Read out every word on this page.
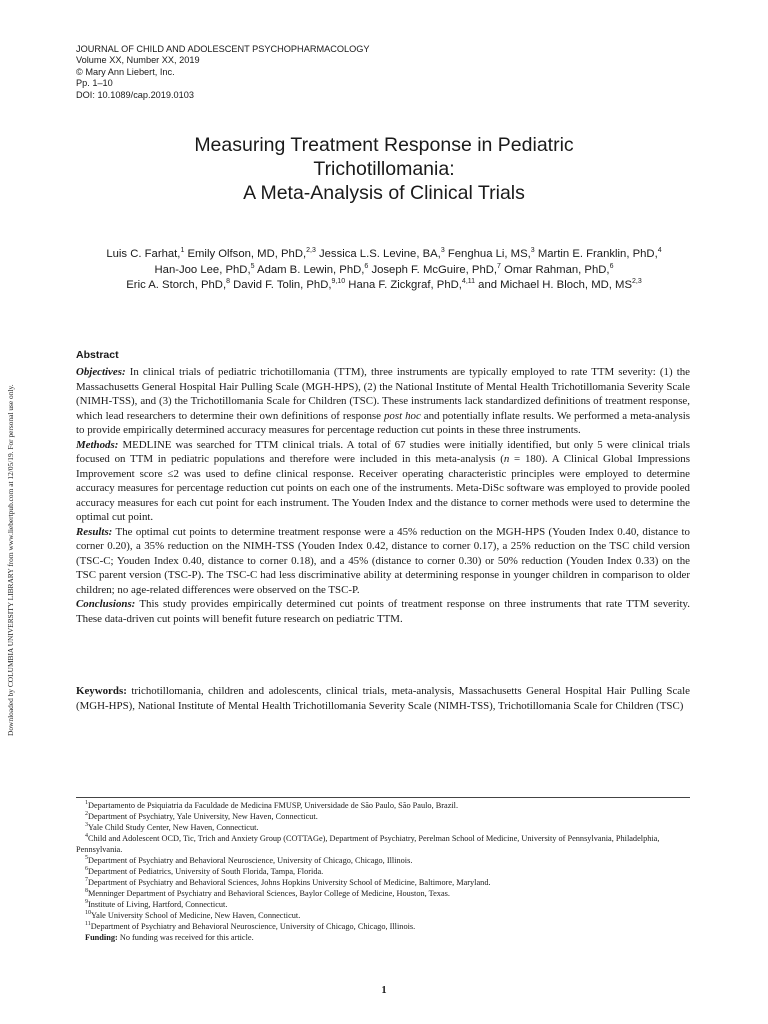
JOURNAL OF CHILD AND ADOLESCENT PSYCHOPHARMACOLOGY
Volume XX, Number XX, 2019
© Mary Ann Liebert, Inc.
Pp. 1–10
DOI: 10.1089/cap.2019.0103
Measuring Treatment Response in Pediatric
Trichotillomania:
A Meta-Analysis of Clinical Trials
Luis C. Farhat,$^1$ Emily Olfson, MD, PhD,$^{2,3}$ Jessica L.S. Levine, BA,$^3$ Fenghua Li, MS,$^3$ Martin E. Franklin, PhD,$^4$
Han-Joo Lee, PhD,$^5$ Adam B. Lewin, PhD,$^6$ Joseph F. McGuire, PhD,$^7$ Omar Rahman, PhD,$^6$
Eric A. Storch, PhD,$^8$ David F. Tolin, PhD,$^{9,10}$ Hana F. Zickgraf, PhD,$^{4,11}$ and Michael H. Bloch, MD, MS$^{2,3}$
Downloaded by COLUMBIA UNIVERSITY LIBRARY from www.liebertpub.com at 12/05/19. For personal use only.
Abstract

Objectives: In clinical trials of pediatric trichotillomania (TTM), three instruments are typically employed to rate TTM severity: (1) the Massachusetts General Hospital Hair Pulling Scale (MGH-HPS), (2) the National Institute of Mental Health Trichotillomania Severity Scale (NIMH-TSS), and (3) the Trichotillomania Scale for Children (TSC). These instruments lack standardized definitions of treatment response, which lead researchers to determine their own definitions of response post hoc and potentially inflate results. We performed a meta-analysis to provide empirically determined accuracy measures for percentage reduction cut points in these three instruments.

Methods: MEDLINE was searched for TTM clinical trials. A total of 67 studies were initially identified, but only 5 were clinical trials focused on TTM in pediatric populations and therefore were included in this meta-analysis (n = 180). A Clinical Global Impressions Improvement score ≤2 was used to define clinical response. Receiver operating characteristic principles were employed to determine accuracy measures for percentage reduction cut points on each one of the instruments. Meta-DiSc software was employed to provide pooled accuracy measures for each cut point for each instrument. The Youden Index and the distance to corner methods were used to determine the optimal cut point.

Results: The optimal cut points to determine treatment response were a 45% reduction on the MGH-HPS (Youden Index 0.40, distance to corner 0.20), a 35% reduction on the NIMH-TSS (Youden Index 0.42, distance to corner 0.17), a 25% reduction on the TSC child version (TSC-C; Youden Index 0.40, distance to corner 0.18), and a 45% (distance to corner 0.30) or 50% reduction (Youden Index 0.33) on the TSC parent version (TSC-P). The TSC-C had less discriminative ability at determining response in younger children in comparison to older children; no age-related differences were observed on the TSC-P.

Conclusions: This study provides empirically determined cut points of treatment response on three instruments that rate TTM severity. These data-driven cut points will benefit future research on pediatric TTM.

Keywords: trichotillomania, children and adolescents, clinical trials, meta-analysis, Massachusetts General Hospital Hair Pulling Scale (MGH-HPS), National Institute of Mental Health Trichotillomania Severity Scale (NIMH-TSS), Trichotillomania Scale for Children (TSC)
$^1$Departamento de Psiquiatria da Faculdade de Medicina FMUSP, Universidade de São Paulo, São Paulo, Brazil.
$^2$Department of Psychiatry, Yale University, New Haven, Connecticut.
$^3$Yale Child Study Center, New Haven, Connecticut.
$^4$Child and Adolescent OCD, Tic, Trich and Anxiety Group (COTTAGe), Department of Psychiatry, Perelman School of Medicine, University of Pennsylvania, Philadelphia, Pennsylvania.
$^5$Department of Psychiatry and Behavioral Neuroscience, University of Chicago, Chicago, Illinois.
$^6$Department of Pediatrics, University of South Florida, Tampa, Florida.
$^7$Department of Psychiatry and Behavioral Sciences, Johns Hopkins University School of Medicine, Baltimore, Maryland.
$^8$Menninger Department of Psychiatry and Behavioral Sciences, Baylor College of Medicine, Houston, Texas.
$^9$Institute of Living, Hartford, Connecticut.
$^{10}$Yale University School of Medicine, New Haven, Connecticut.
$^{11}$Department of Psychiatry and Behavioral Neuroscience, University of Chicago, Chicago, Illinois.
Funding: No funding was received for this article.
1
